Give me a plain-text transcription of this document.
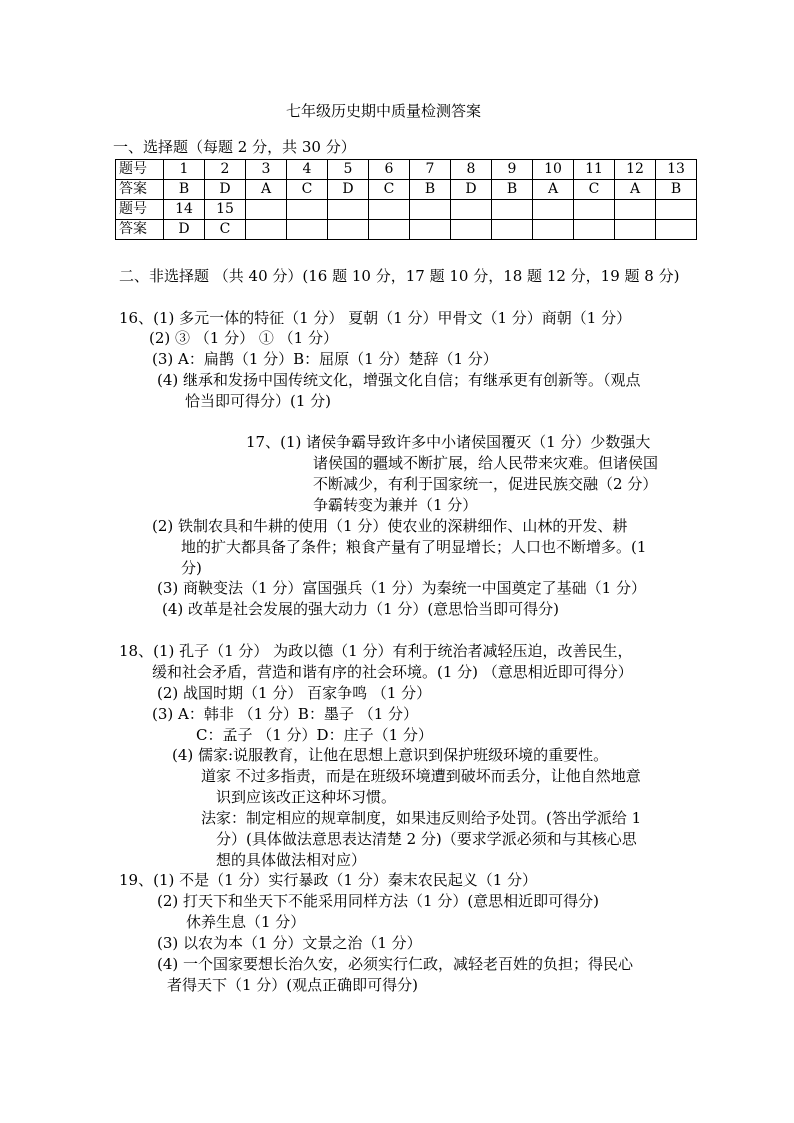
七年级历史期中质量检测答案
一、选择题（每题 2 分，共 30 分）
题号	1	2	3	4	5	6	7	8	9	10	11	12	13
答案	B	D	A	C	D	C	B	D	B	A	C	A	B
题号	14	15											
答案	D	C											
二、非选择题 （共 40 分）(16 题 10 分，17 题 10 分，18 题 12 分，19 题 8 分)
16、(1) 多元一体的特征（1 分） 夏朝（1 分）甲骨文（1 分）商朝（1 分）
(2) ③ （1 分） ① （1 分）
(3) A：扁鹊（1 分）B：屈原（1 分）楚辞（1 分）
(4) 继承和发扬中国传统文化，增强文化自信；有继承更有创新等。（观点
恰当即可得分）(1 分)
17、(1) 诸侯争霸导致许多中小诸侯国覆灭（1 分）少数强大
诸侯国的疆域不断扩展，给人民带来灾难。但诸侯国
不断减少，有利于国家统一，促进民族交融（2 分）
争霸转变为兼并（1 分）
(2) 铁制农具和牛耕的使用（1 分）使农业的深耕细作、山林的开发、耕
地的扩大都具备了条件；粮食产量有了明显增长；人口也不断增多。(1
分)
(3) 商鞅变法（1 分）富国强兵（1 分）为秦统一中国奠定了基础（1 分）
(4) 改革是社会发展的强大动力（1 分）(意思恰当即可得分)
18、(1) 孔子（1 分） 为政以德（1 分）有利于统治者减轻压迫，改善民生，
缓和社会矛盾，营造和谐有序的社会环境。(1 分) （意思相近即可得分）
(2) 战国时期（1 分） 百家争鸣 （1 分）
(3) A：韩非 （1 分）B：墨子 （1 分）
C：孟子 （1 分）D：庄子（1 分）
(4) 儒家:说服教育，让他在思想上意识到保护班级环境的重要性。
道家 不过多指责，而是在班级环境遭到破坏而丢分，让他自然地意
识到应该改正这种坏习惯。
法家：制定相应的规章制度，如果违反则给予处罚。(答出学派给 1
分）(具体做法意思表达清楚 2 分)（要求学派必须和与其核心思
想的具体做法相对应）
19、(1) 不是（1 分）实行暴政（1 分）秦末农民起义（1 分）
(2) 打天下和坐天下不能采用同样方法（1 分）(意思相近即可得分)
休养生息（1 分）
(3) 以农为本（1 分）文景之治（1 分）
(4) 一个国家要想长治久安，必须实行仁政，减轻老百姓的负担；得民心
者得天下（1 分）(观点正确即可得分)
